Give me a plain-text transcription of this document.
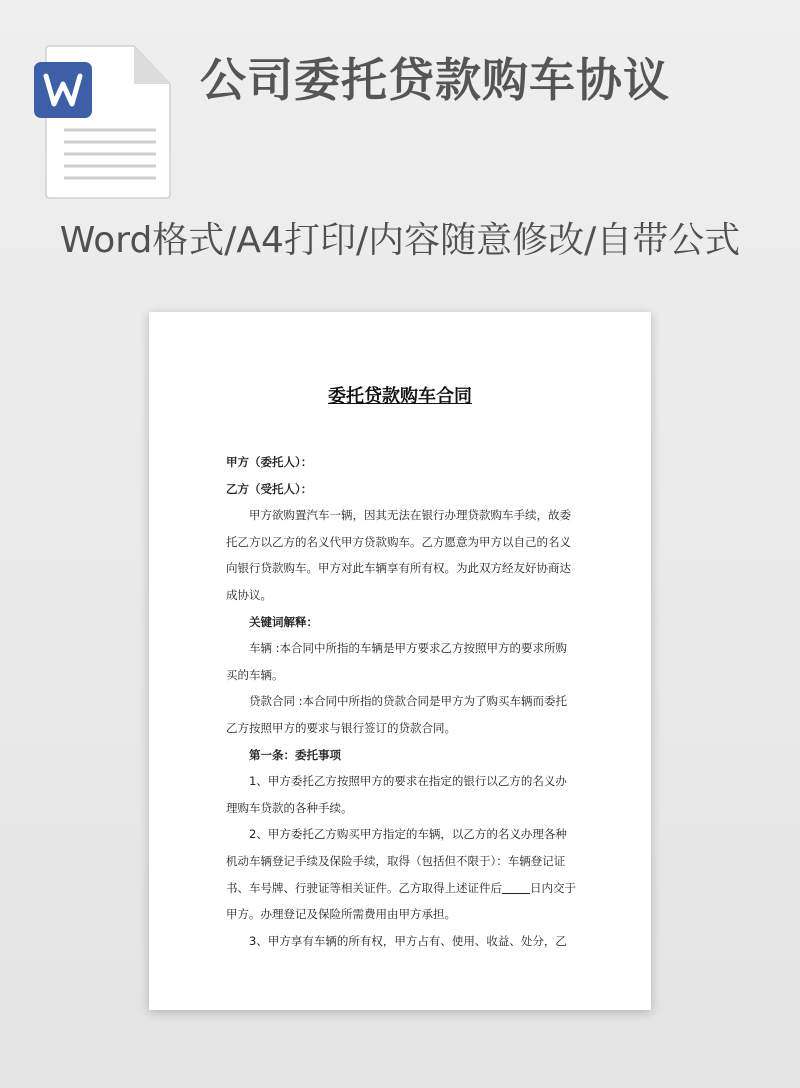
公司委托贷款购车协议
Word格式/A4打印/内容随意修改/自带公式
委托贷款购车合同

甲方（委托人）：

乙方（受托人）：

甲方欲购置汽车一辆，因其无法在银行办理贷款购车手续，故委托乙方以乙方的名义代甲方贷款购车。乙方愿意为甲方以自己的名义向银行贷款购车。甲方对此车辆享有所有权。为此双方经友好协商达成协议。

关键词解释：

车辆 :本合同中所指的车辆是甲方要求乙方按照甲方的要求所购买的车辆。

贷款合同 :本合同中所指的贷款合同是甲方为了购买车辆而委托乙方按照甲方的要求与银行签订的贷款合同。

第一条：委托事项

1、甲方委托乙方按照甲方的要求在指定的银行以乙方的名义办理购车贷款的各种手续。

2、甲方委托乙方购买甲方指定的车辆，以乙方的名义办理各种机动车辆登记手续及保险手续，取得（包括但不限于）：车辆登记证书、车号牌、行驶证等相关证件。乙方取得上述证件后 日内交于甲方。办理登记及保险所需费用由甲方承担。

3、甲方享有车辆的所有权，甲方占有、使用、收益、处分，乙
